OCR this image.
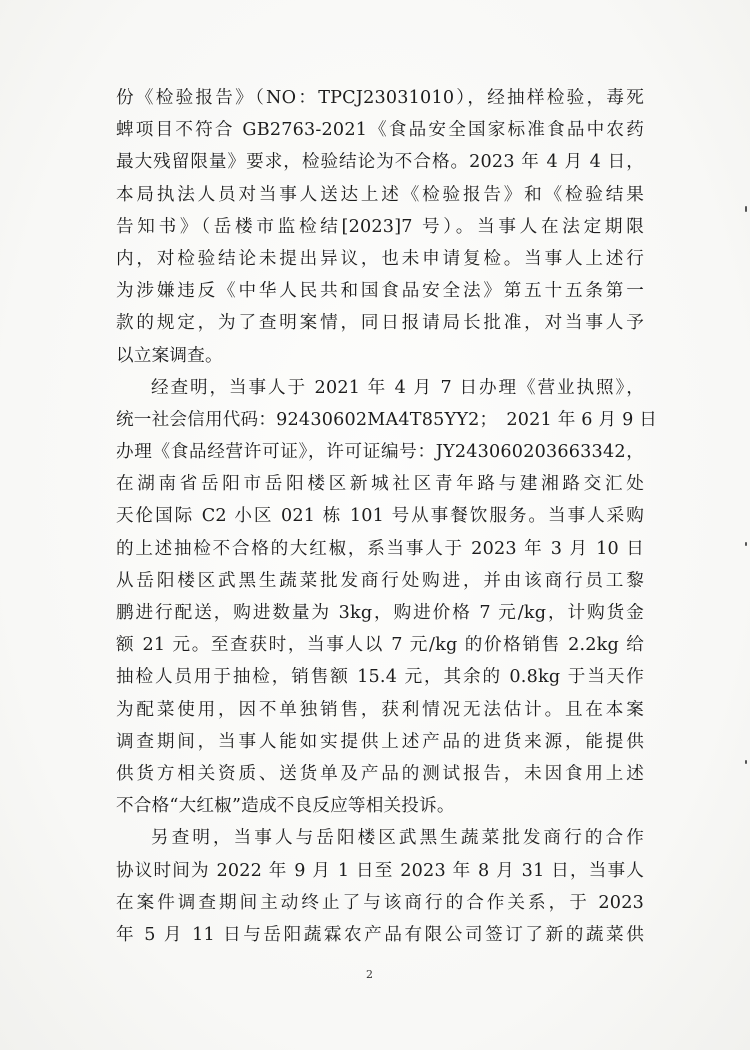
份《检验报告》（NO：TPCJ23031010），经抽样检验，毒死
蜱项目不符合 GB2763-2021《食品安全国家标准食品中农药
最大残留限量》要求，检验结论为不合格。2023 年 4 月 4 日，
本局执法人员对当事人送达上述《检验报告》和《检验结果
告知书》（岳楼市监检结[2023]7 号）。当事人在法定期限
内，对检验结论未提出异议，也未申请复检。当事人上述行
为涉嫌违反《中华人民共和国食品安全法》第五十五条第一
款的规定，为了查明案情，同日报请局长批准，对当事人予
以立案调查。
经查明，当事人于 2021 年 4 月 7 日办理《营业执照》，
统一社会信用代码：92430602MA4T85YY2；　2021 年 6 月 9 日
办理《食品经营许可证》，许可证编号：JY24306020366334​2，
在湖南省岳阳市岳阳楼区新城社区青年路与建湘路交汇处
天伦国际 C2 小区 021 栋 101 号从事餐饮服务。当事人采购
的上述抽检不合格的大红椒，系当事人于 2023 年 3 月 10 日
从岳阳楼区武黑生蔬菜批发商行处购进，并由该商行员工黎
鹏进行配送，购进数量为 3kg，购进价格 7 元/kg，计购货金
额 21 元。至查获时，当事人以 7 元/kg 的价格销售 2.2kg 给
抽检人员用于抽检，销售额 15.4 元，其余的 0.8kg 于当天作
为配菜使用，因不单独销售，获利情况无法估计。且在本案
调查期间，当事人能如实提供上述产品的进货来源，能提供
供货方相关资质、送货单及产品的测试报告，未因食用上述
不合格“大红椒”造成不良反应等相关投诉。
另查明，当事人与岳阳楼区武黑生蔬菜批发商行的合作
协议时间为 2022 年 9 月 1 日至 2023 年 8 月 31 日，当事人
在案件调查期间主动终止了与该商行的合作关系，于 2023
年 5 月 11 日与岳阳蔬霖农产品有限公司签订了新的蔬菜供
2
